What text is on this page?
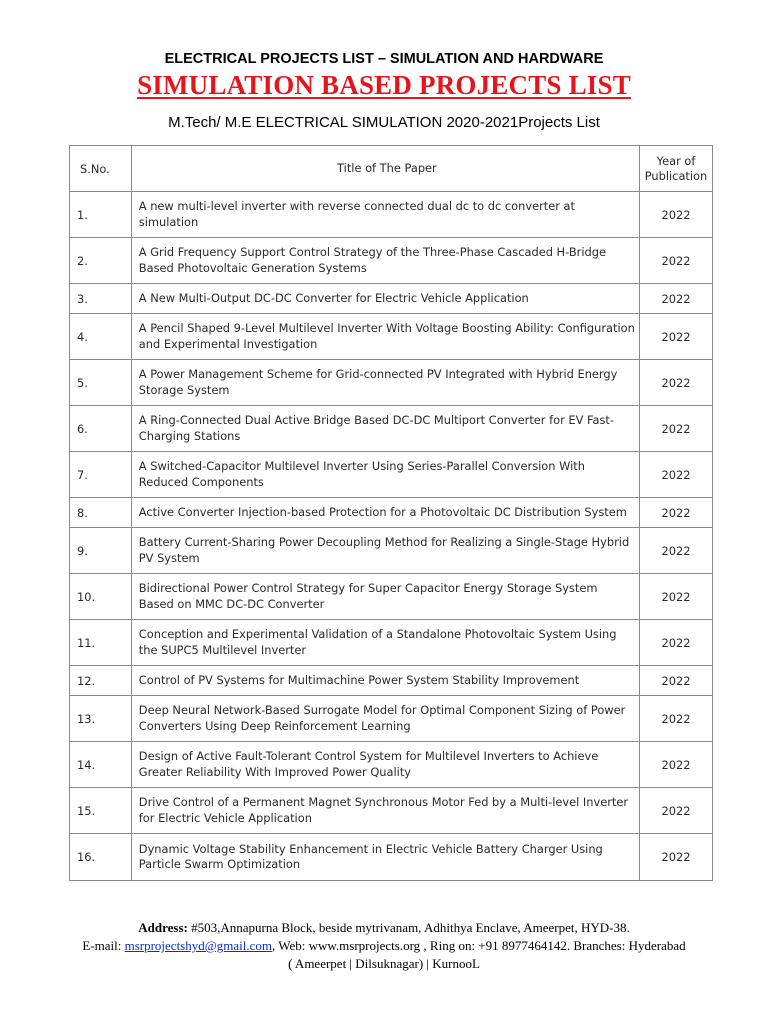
ELECTRICAL PROJECTS LIST – SIMULATION AND HARDWARE
SIMULATION BASED PROJECTS LIST
M.Tech/ M.E ELECTRICAL SIMULATION 2020-2021Projects List
S.No.	Title of The Paper	Year of Publication
1.	A new multi-level inverter with reverse connected dual dc to dc converter at simulation	2022
2.	A Grid Frequency Support Control Strategy of the Three-Phase Cascaded H-Bridge Based Photovoltaic Generation Systems	2022
3.	A New Multi-Output DC-DC Converter for Electric Vehicle Application	2022
4.	A Pencil Shaped 9-Level Multilevel Inverter With Voltage Boosting Ability: Configuration and Experimental Investigation	2022
5.	A Power Management Scheme for Grid-connected PV Integrated with Hybrid Energy Storage System	2022
6.	A Ring-Connected Dual Active Bridge Based DC-DC Multiport Converter for EV Fast-Charging Stations	2022
7.	A Switched-Capacitor Multilevel Inverter Using Series-Parallel Conversion With Reduced Components	2022
8.	Active Converter Injection-based Protection for a Photovoltaic DC Distribution System	2022
9.	Battery Current-Sharing Power Decoupling Method for Realizing a Single-Stage Hybrid PV System	2022
10.	Bidirectional Power Control Strategy for Super Capacitor Energy Storage System Based on MMC DC-DC Converter	2022
11.	Conception and Experimental Validation of a Standalone Photovoltaic System Using the SUPC5 Multilevel Inverter	2022
12.	Control of PV Systems for Multimachine Power System Stability Improvement	2022
13.	Deep Neural Network-Based Surrogate Model for Optimal Component Sizing of Power Converters Using Deep Reinforcement Learning	2022
14.	Design of Active Fault-Tolerant Control System for Multilevel Inverters to Achieve Greater Reliability With Improved Power Quality	2022
15.	Drive Control of a Permanent Magnet Synchronous Motor Fed by a Multi-level Inverter for Electric Vehicle Application	2022
16.	Dynamic Voltage Stability Enhancement in Electric Vehicle Battery Charger Using Particle Swarm Optimization	2022
Address: #503,Annapurna Block, beside mytrivanam, Adhithya Enclave, Ameerpet, HYD-38.
E-mail: msrprojectshyd@gmail.com, Web: www.msrprojects.org , Ring on: +91 8977464142. Branches: Hyderabad
( Ameerpet | Dilsuknagar) | KurnooL
